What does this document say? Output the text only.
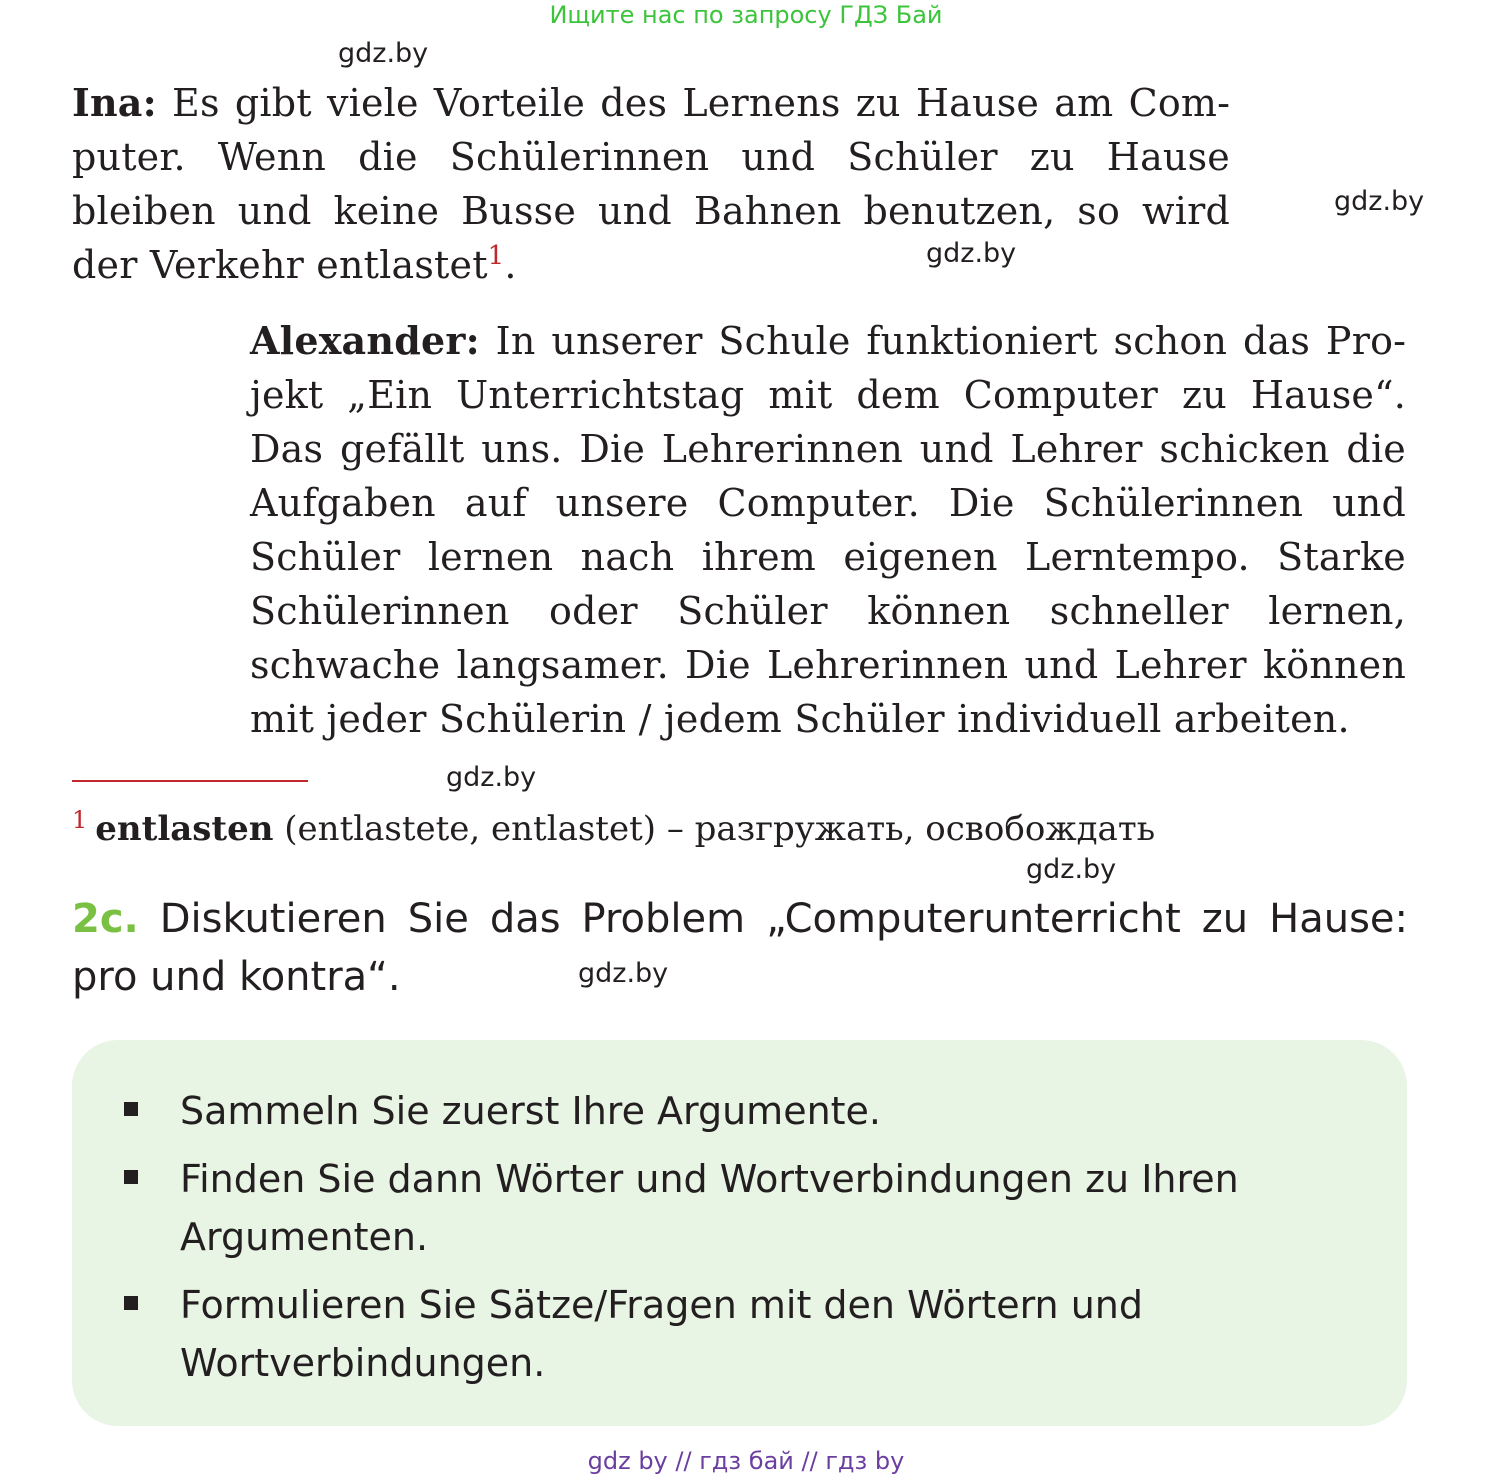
Ищите нас по запросу ГДЗ Бай
gdz.by
gdz.by
gdz.by
gdz.by
gdz.by
gdz.by
Ina: Es gibt viele Vorteile des Lernens zu Hause am Computer. Wenn die Schülerinnen und Schüler zu Hause bleiben und keine Busse und Bahnen benutzen, so wird der Verkehr entlastet$^1$.
Alexander: In unserer Schule funktioniert schon das Projekt „Ein Unterrichtstag mit dem Computer zu Hause“. Das gefällt uns. Die Lehrerinnen und Lehrer schicken die Aufgaben auf unsere Computer. Die Schülerinnen und Schüler lernen nach ihrem eigenen Lerntempo. Starke Schülerinnen oder Schüler können schneller lernen, schwache langsamer. Die Lehrerinnen und Lehrer können mit jeder Schülerin / jedem Schüler individuell arbeiten.
$^1$ entlasten (entlastete, entlastet) – разгружать, освобождать
2c. Diskutieren Sie das Problem „Computerunterricht zu Hause: pro und kontra“.
Sammeln Sie zuerst Ihre Argumente.
Finden Sie dann Wörter und Wortverbindungen zu Ihren Argumenten.
Formulieren Sie Sätze/Fragen mit den Wörtern und Wortverbindungen.
gdz by // гдз бай // гдз by
